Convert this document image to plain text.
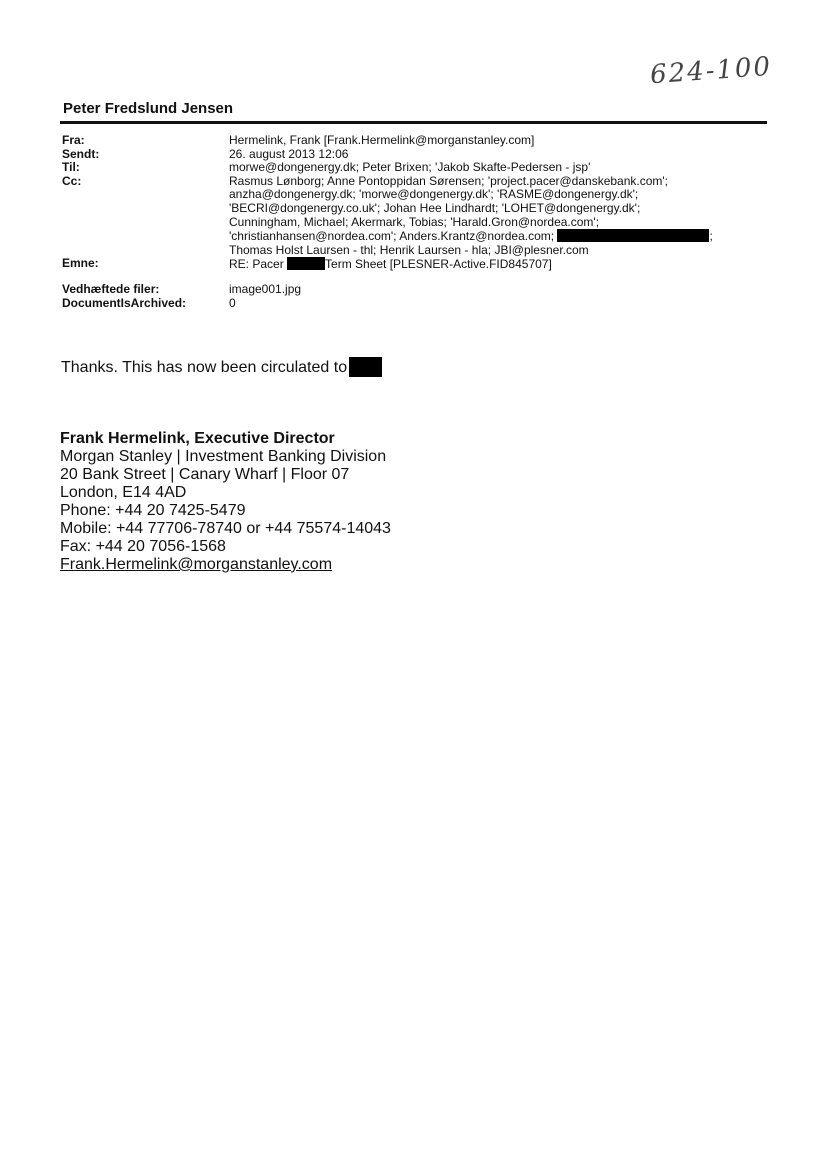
624-100
Peter Fredslund Jensen
Fra:	Hermelink, Frank [Frank.Hermelink@morganstanley.com]
Sendt:	26. august 2013 12:06
Til:	morwe@dongenergy.dk; Peter Brixen; 'Jakob Skafte-Pedersen - jsp'
Cc:	Rasmus Lønborg; Anne Pontoppidan Sørensen; 'project.pacer@danskebank.com';
anzha@dongenergy.dk; 'morwe@dongenergy.dk'; 'RASME@dongenergy.dk';
'BECRI@dongenergy.co.uk'; Johan Hee Lindhardt; 'LOHET@dongenergy.dk';
Cunningham, Michael; Akermark, Tobias; 'Harald.Gron@nordea.com';
'christianhansen@nordea.com'; Anders.Krantz@nordea.com;	;
Thomas Holst Laursen - thl; Henrik Laursen - hla; JBI@plesner.com
Emne:	RE: Pacer	Term Sheet [PLESNER-Active.FID845707]
Vedhæftede filer:	image001.jpg
DocumentIsArchived:	0
Thanks. This has now been circulated to
Frank Hermelink, Executive Director
Morgan Stanley | Investment Banking Division
20 Bank Street | Canary Wharf | Floor 07
London, E14 4AD
Phone: +44 20 7425-5479
Mobile: +44 77706-78740 or +44 75574-14043
Fax: +44 20 7056-1568
Frank.Hermelink@morganstanley.com
